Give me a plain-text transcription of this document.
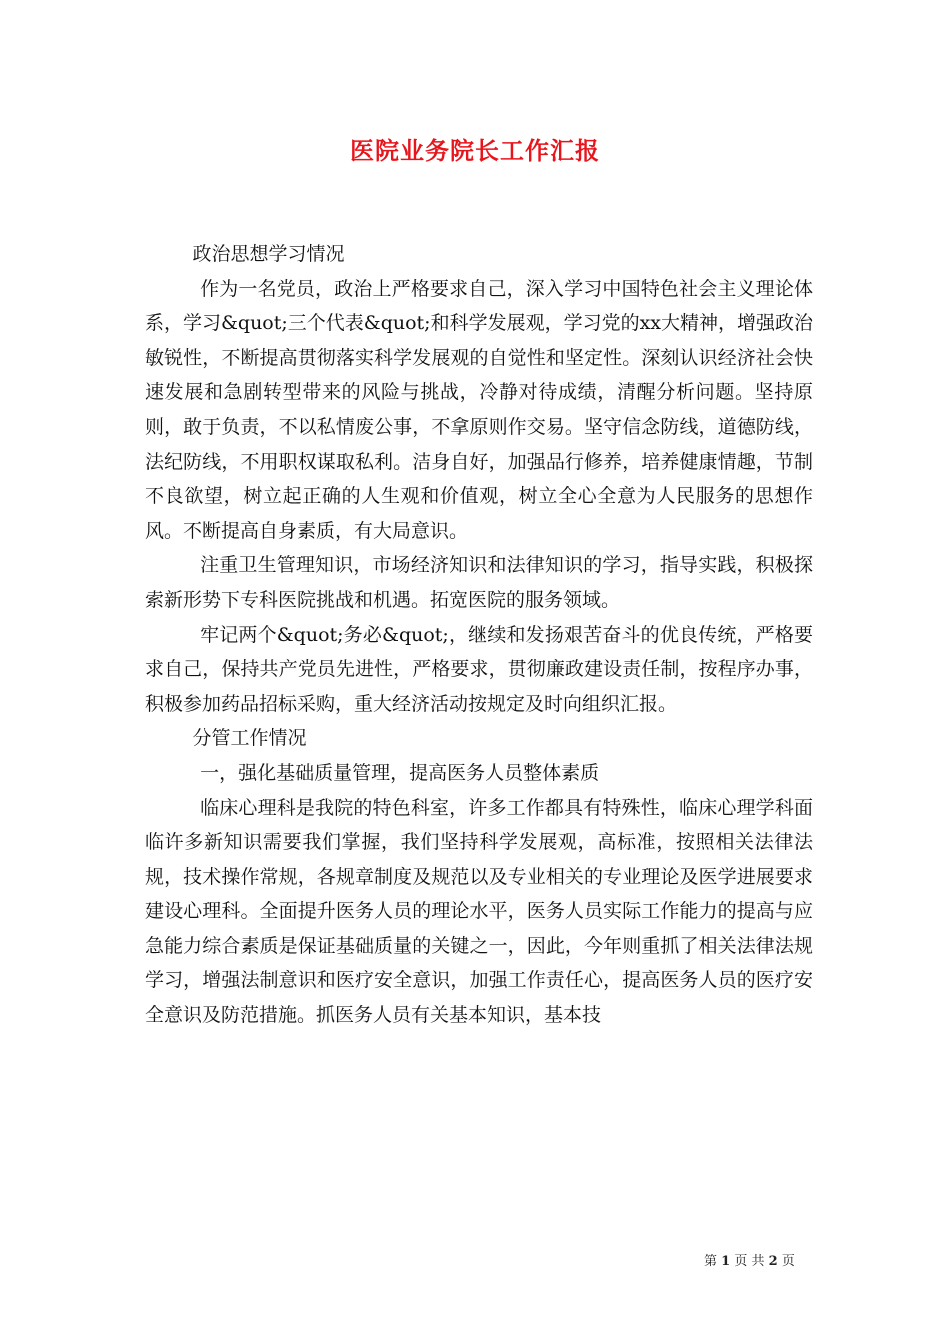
医院业务院长工作汇报

政治思想学习情况

作为一名党员，政治上严格要求自己，深入学习中国特色社会主义理论体系，学习&quot;三个代表&quot;和科学发展观，学习党的xx大精神，增强政治敏锐性，不断提高贯彻落实科学发展观的自觉性和坚定性。深刻认识经济社会快速发展和急剧转型带来的风险与挑战，冷静对待成绩，清醒分析问题。坚持原则，敢于负责，不以私情废公事，不拿原则作交易。坚守信念防线，道德防线，法纪防线，不用职权谋取私利。洁身自好，加强品行修养，培养健康情趣，节制不良欲望，树立起正确的人生观和价值观，树立全心全意为人民服务的思想作风。不断提高自身素质，有大局意识。

注重卫生管理知识，市场经济知识和法律知识的学习，指导实践，积极探索新形势下专科医院挑战和机遇。拓宽医院的服务领域。

牢记两个&quot;务必&quot;，继续和发扬艰苦奋斗的优良传统，严格要求自己，保持共产党员先进性，严格要求，贯彻廉政建设责任制，按程序办事，积极参加药品招标采购，重大经济活动按规定及时向组织汇报。

分管工作情况

一，强化基础质量管理，提高医务人员整体素质

临床心理科是我院的特色科室，许多工作都具有特殊性，临床心理学科面临许多新知识需要我们掌握，我们坚持科学发展观，高标准，按照相关法律法规，技术操作常规，各规章制度及规范以及专业相关的专业理论及医学进展要求建设心理科。全面提升医务人员的理论水平，医务人员实际工作能力的提高与应急能力综合素质是保证基础质量的关键之一，因此，今年则重抓了相关法律法规学习，增强法制意识和医疗安全意识，加强工作责任心，提高医务人员的医疗安全意识及防范措施。抓医务人员有关基本知识，基本技

第 1 页 共 2 页
